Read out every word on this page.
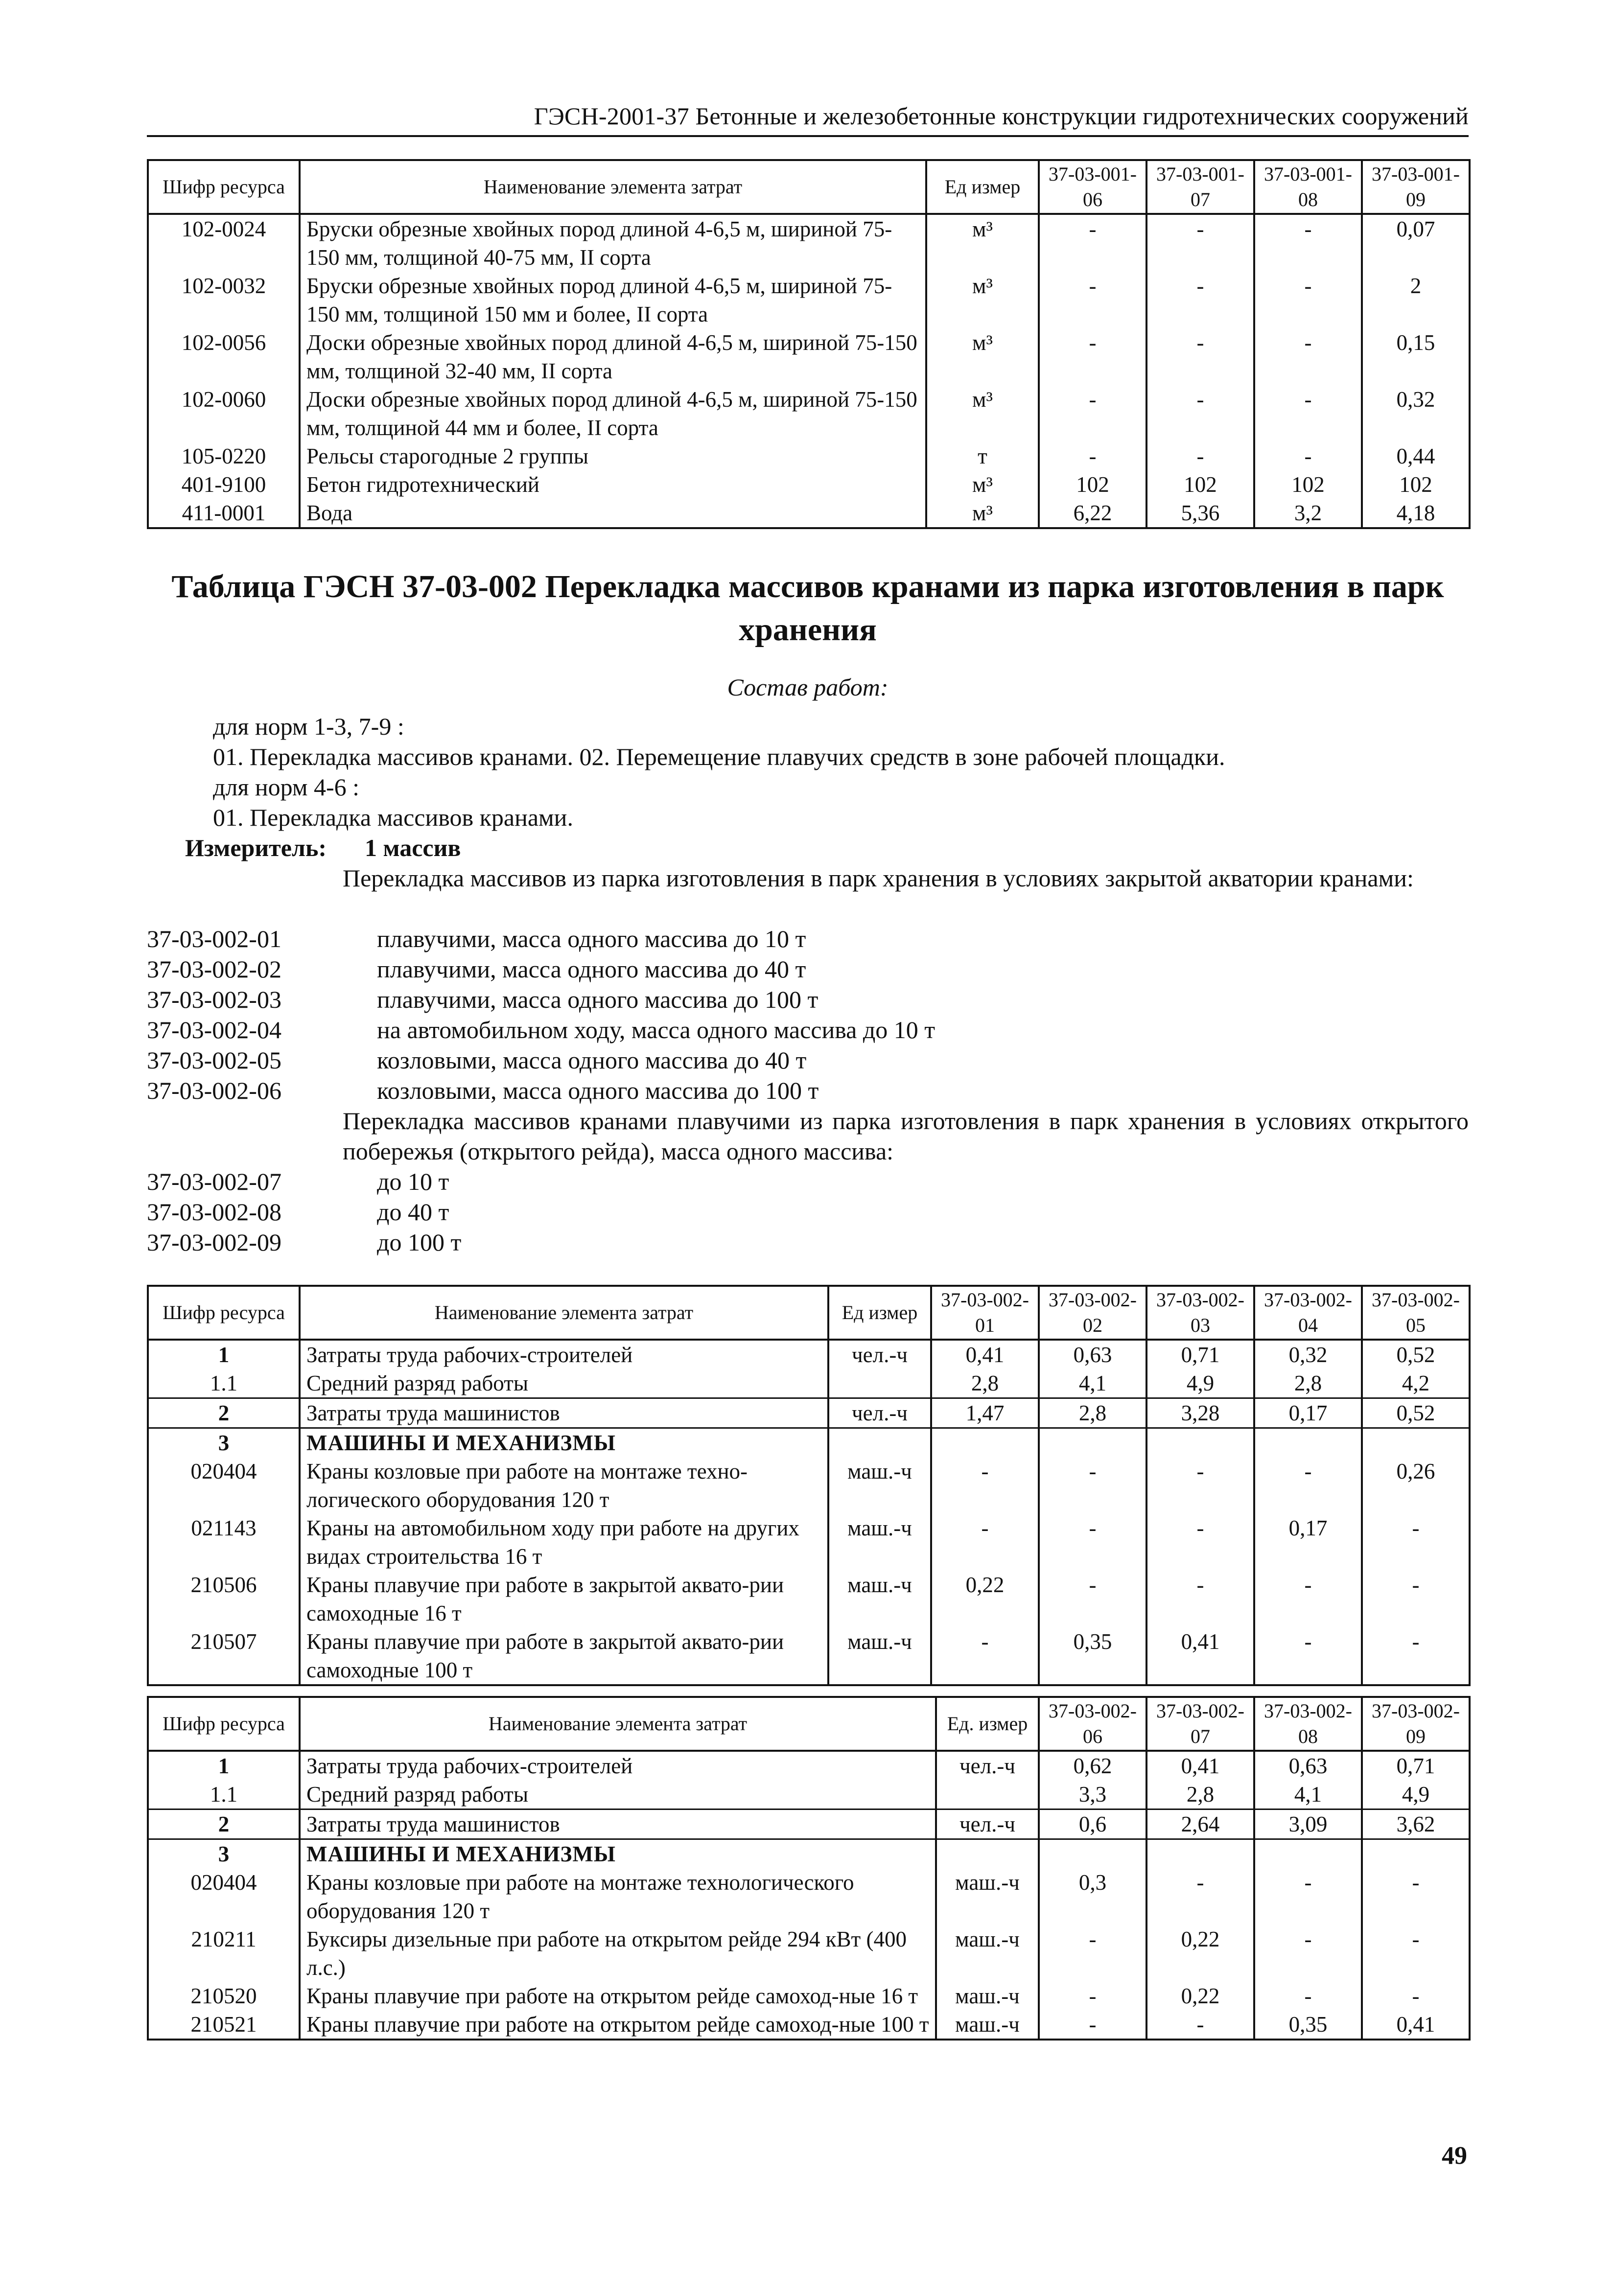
ГЭСН-2001-37 Бетонные и железобетонные конструкции гидротехнических сооружений
Шифр ресурса	Наименование элемента затрат	Ед измер	37-03-001-06	37-03-001-07	37-03-001-08	37-03-001-09
102-0024	Бруски обрезные хвойных пород длиной 4-6,5 м, шириной 75-150 мм, толщиной 40-75 мм, II сорта	м³	-	-	-	0,07
102-0032	Бруски обрезные хвойных пород длиной 4-6,5 м, шириной 75-150 мм, толщиной 150 мм и более, II сорта	м³	-	-	-	2
102-0056	Доски обрезные хвойных пород длиной 4-6,5 м, шириной 75-150 мм, толщиной 32-40 мм, II сорта	м³	-	-	-	0,15
102-0060	Доски обрезные хвойных пород длиной 4-6,5 м, шириной 75-150 мм, толщиной 44 мм и более, II сорта	м³	-	-	-	0,32
105-0220	Рельсы старогодные 2 группы	т	-	-	-	0,44
401-9100	Бетон гидротехнический	м³	102	102	102	102
411-0001	Вода	м³	6,22	5,36	3,2	4,18
Таблица ГЭСН 37-03-002 Перекладка массивов кранами из парка изготовления в парк хранения
Состав работ:
для норм 1-3, 7-9 :
01. Перекладка массивов кранами. 02. Перемещение плавучих средств в зоне рабочей площадки.
для норм 4-6 :
01. Перекладка массивов кранами.
Измеритель: 1 массив
Перекладка массивов из парка изготовления в парк хранения в условиях закрытой акватории кранами:
37-03-002-01	плавучими, масса одного массива до 10 т
37-03-002-02	плавучими, масса одного массива до 40 т
37-03-002-03	плавучими, масса одного массива до 100 т
37-03-002-04	на автомобильном ходу, масса одного массива до 10 т
37-03-002-05	козловыми, масса одного массива до 40 т
37-03-002-06	козловыми, масса одного массива до 100 т
Перекладка массивов кранами плавучими из парка изготовления в парк хранения в условиях открытого побережья (открытого рейда), масса одного массива:
37-03-002-07	до 10 т
37-03-002-08	до 40 т
37-03-002-09	до 100 т
Шифр ресурса	Наименование элемента затрат	Ед измер	37-03-002-01	37-03-002-02	37-03-002-03	37-03-002-04	37-03-002-05
1	Затраты труда рабочих-строителей	чел.-ч	0,41	0,63	0,71	0,32	0,52
1.1	Средний разряд работы		2,8	4,1	4,9	2,8	4,2
2	Затраты труда машинистов	чел.-ч	1,47	2,8	3,28	0,17	0,52
3	МАШИНЫ И МЕХАНИЗМЫ						
020404	Краны козловые при работе на монтаже техно-логического оборудования 120 т	маш.-ч	-	-	-	-	0,26
021143	Краны на автомобильном ходу при работе на других видах строительства 16 т	маш.-ч	-	-	-	0,17	-
210506	Краны плавучие при работе в закрытой аквато-рии самоходные 16 т	маш.-ч	0,22	-	-	-	-
210507	Краны плавучие при работе в закрытой аквато-рии самоходные 100 т	маш.-ч	-	0,35	0,41	-	-
Шифр ресурса	Наименование элемента затрат	Ед. измер	37-03-002-06	37-03-002-07	37-03-002-08	37-03-002-09
1	Затраты труда рабочих-строителей	чел.-ч	0,62	0,41	0,63	0,71
1.1	Средний разряд работы		3,3	2,8	4,1	4,9
2	Затраты труда машинистов	чел.-ч	0,6	2,64	3,09	3,62
3	МАШИНЫ И МЕХАНИЗМЫ					
020404	Краны козловые при работе на монтаже технологического оборудования 120 т	маш.-ч	0,3	-	-	-
210211	Буксиры дизельные при работе на открытом рейде 294 кВт (400 л.с.)	маш.-ч	-	0,22	-	-
210520	Краны плавучие при работе на открытом рейде самоход-ные 16 т	маш.-ч	-	0,22	-	-
210521	Краны плавучие при работе на открытом рейде самоход-ные 100 т	маш.-ч	-	-	0,35	0,41
49
